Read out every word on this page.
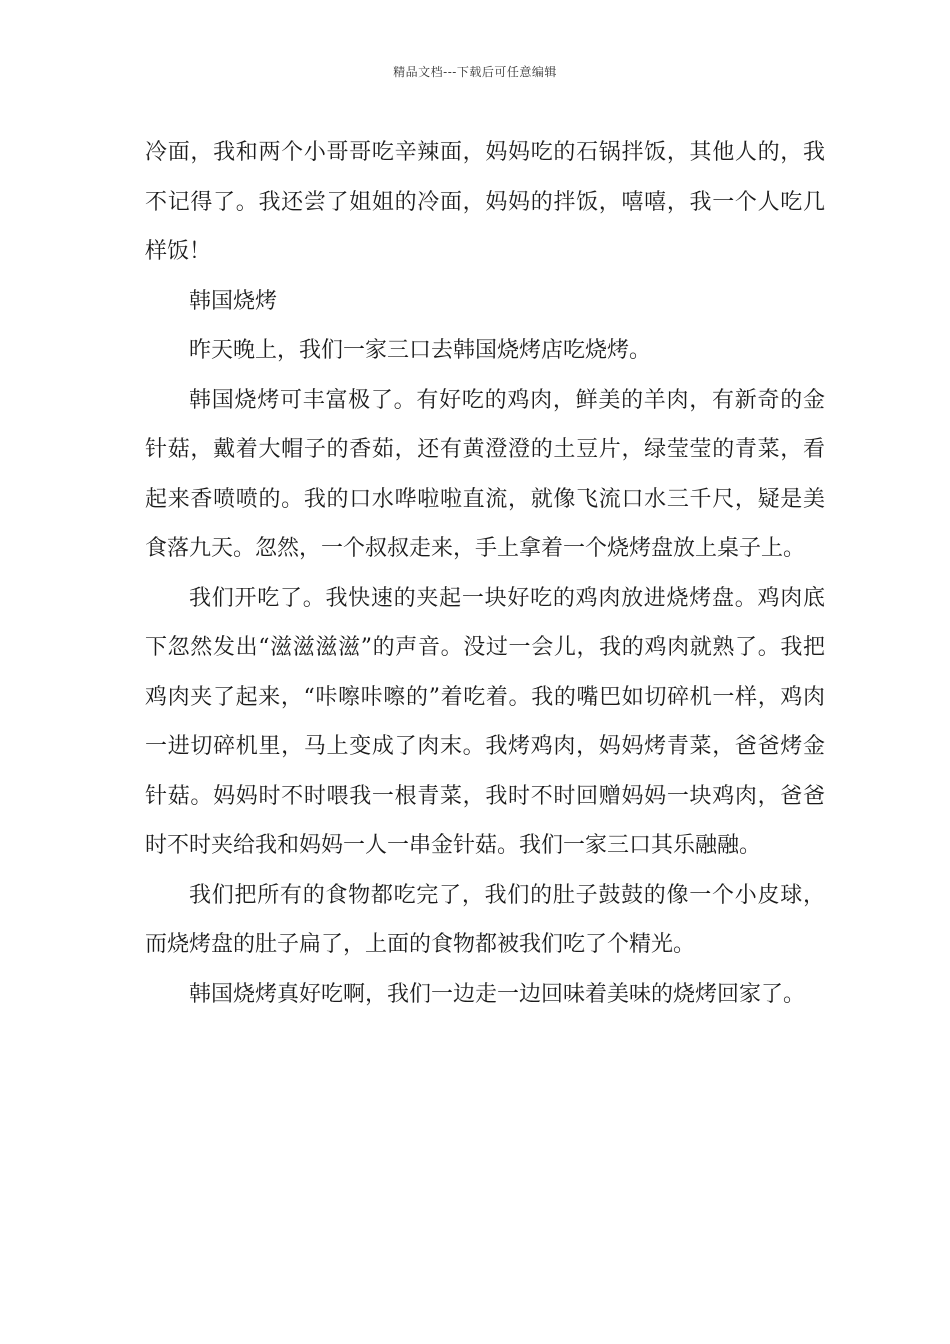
精品文档---下载后可任意编辑

冷面，我和两个小哥哥吃辛辣面，妈妈吃的石锅拌饭，其他人的，我不记得了。我还尝了姐姐的冷面，妈妈的拌饭，嘻嘻，我一个人吃几样饭！

韩国烧烤

昨天晚上，我们一家三口去韩国烧烤店吃烧烤。

韩国烧烤可丰富极了。有好吃的鸡肉，鲜美的羊肉，有新奇的金针菇，戴着大帽子的香茹，还有黄澄澄的土豆片，绿莹莹的青菜，看起来香喷喷的。我的口水哗啦啦直流，就像飞流口水三千尺，疑是美食落九天。忽然，一个叔叔走来，手上拿着一个烧烤盘放上桌子上。

我们开吃了。我快速的夹起一块好吃的鸡肉放进烧烤盘。鸡肉底下忽然发出“滋滋滋滋”的声音。没过一会儿，我的鸡肉就熟了。我把鸡肉夹了起来，“咔嚓咔嚓的”着吃着。我的嘴巴如切碎机一样，鸡肉一进切碎机里，马上变成了肉末。我烤鸡肉，妈妈烤青菜，爸爸烤金针菇。妈妈时不时喂我一根青菜，我时不时回赠妈妈一块鸡肉，爸爸时不时夹给我和妈妈一人一串金针菇。我们一家三口其乐融融。

我们把所有的食物都吃完了，我们的肚子鼓鼓的像一个小皮球，而烧烤盘的肚子扁了，上面的食物都被我们吃了个精光。

韩国烧烤真好吃啊，我们一边走一边回味着美味的烧烤回家了。
